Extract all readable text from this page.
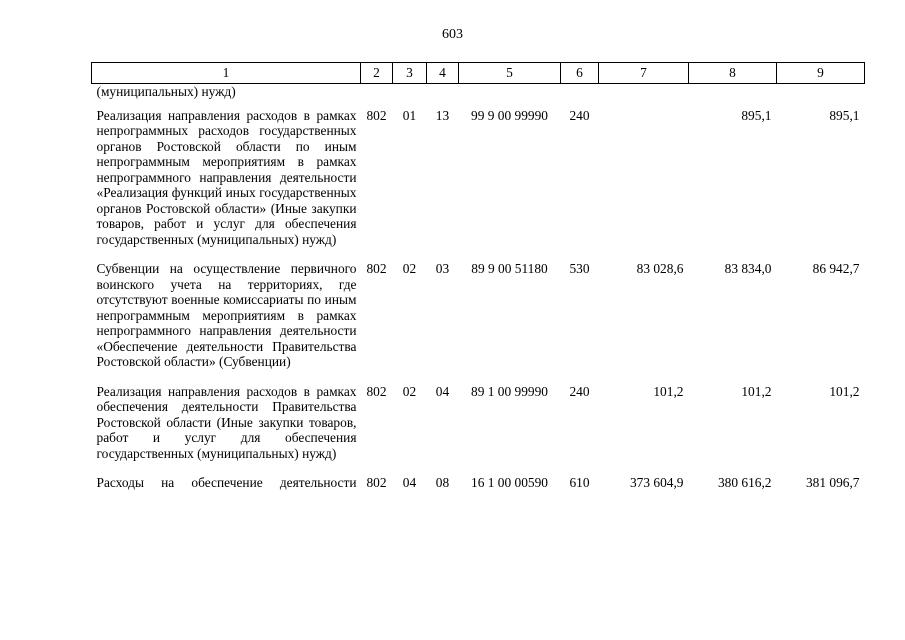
603
1	2	3	4	5	6	7	8	9
(муниципальных) нужд)								
Реализация направления расходов в рамках непрограммных расходов государственных органов Ростовской области по иным непрограммным мероприятиям в рамках непрограммного направления деятельности «Реализация функций иных государственных органов Ростовской области» (Иные закупки товаров, работ и услуг для обеспечения государственных (муниципальных) нужд)	802	01	13	99 9 00 99990	240		895,1	895,1
Субвенции на осуществление первичного воинского учета на территориях, где отсутствуют военные комиссариаты по иным непрограммным мероприятиям в рамках непрограммного направления деятельности «Обеспечение деятельности Правительства Ростовской области» (Субвенции)	802	02	03	89 9 00 51180	530	83 028,6	83 834,0	86 942,7
Реализация направления расходов в рамках обеспечения деятельности Правительства Ростовской области (Иные закупки товаров, работ и услуг для обеспечения государственных (муниципальных) нужд)	802	02	04	89 1 00 99990	240	101,2	101,2	101,2
Расходы на обеспечение деятельности	802	04	08	16 1 00 00590	610	373 604,9	380 616,2	381 096,7
